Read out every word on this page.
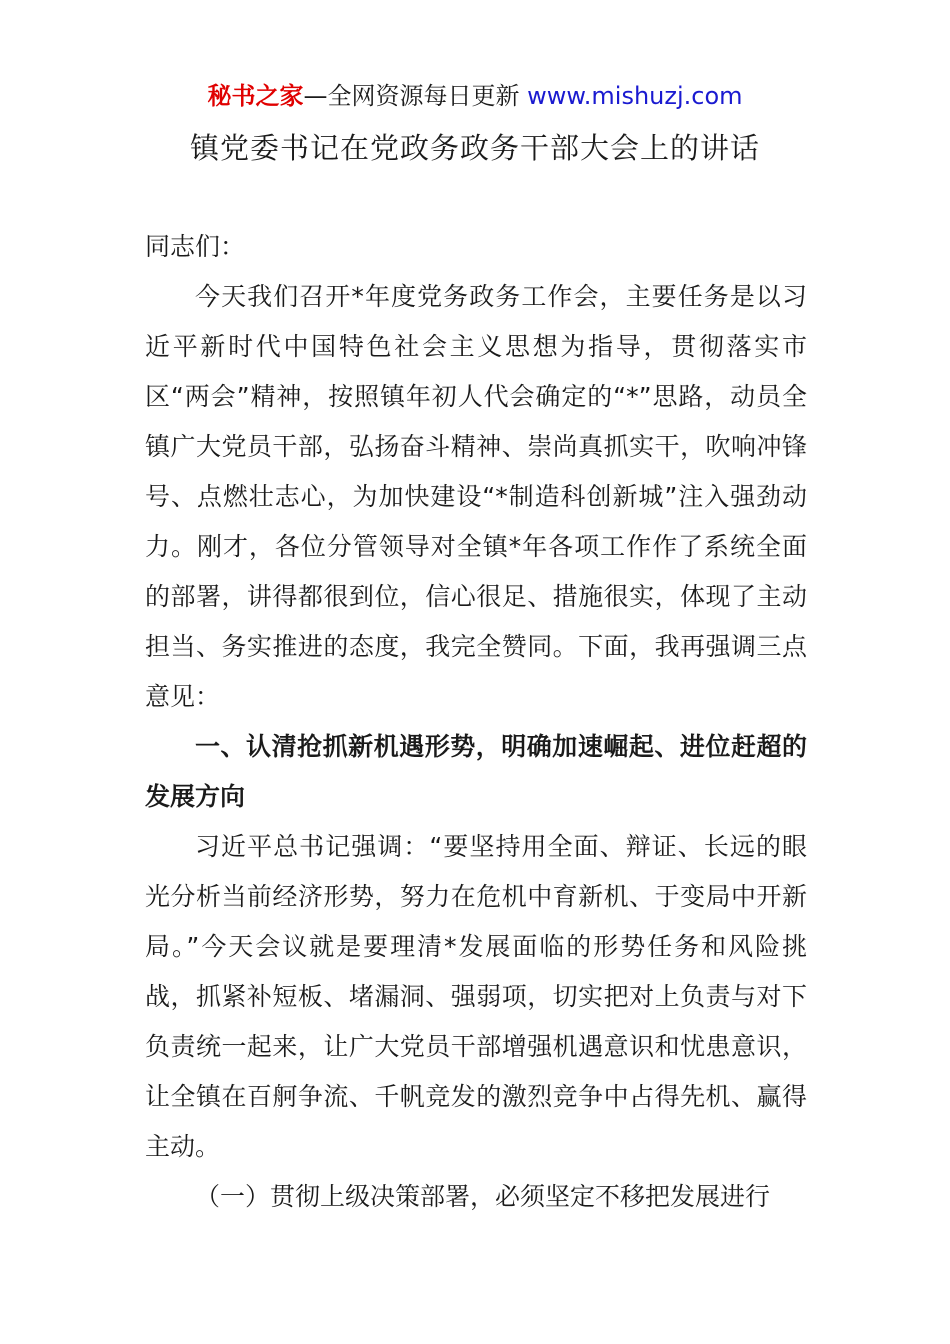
秘书之家—全网资源每日更新 www.mishuzj.com
镇党委书记在党政务政务干部大会上的讲话

同志们：

今天我们召开*年度党务政务工作会，主要任务是以习近平新时代中国特色社会主义思想为指导，贯彻落实市区“两会”精神，按照镇年初人代会确定的“*”思路，动员全镇广大党员干部，弘扬奋斗精神、崇尚真抓实干，吹响冲锋号、点燃壮志心，为加快建设“*制造科创新城”注入强劲动力。刚才，各位分管领导对全镇*年各项工作作了系统全面的部署，讲得都很到位，信心很足、措施很实，体现了主动担当、务实推进的态度，我完全赞同。下面，我再强调三点意见：

一、认清抢抓新机遇形势，明确加速崛起、进位赶超的发展方向

习近平总书记强调：“要坚持用全面、辩证、长远的眼光分析当前经济形势，努力在危机中育新机、于变局中开新局。”今天会议就是要理清*发展面临的形势任务和风险挑战，抓紧补短板、堵漏洞、强弱项，切实把对上负责与对下负责统一起来，让广大党员干部增强机遇意识和忧患意识，让全镇在百舸争流、千帆竞发的激烈竞争中占得先机、赢得主动。

（一）贯彻上级决策部署，必须坚定不移把发展进行
